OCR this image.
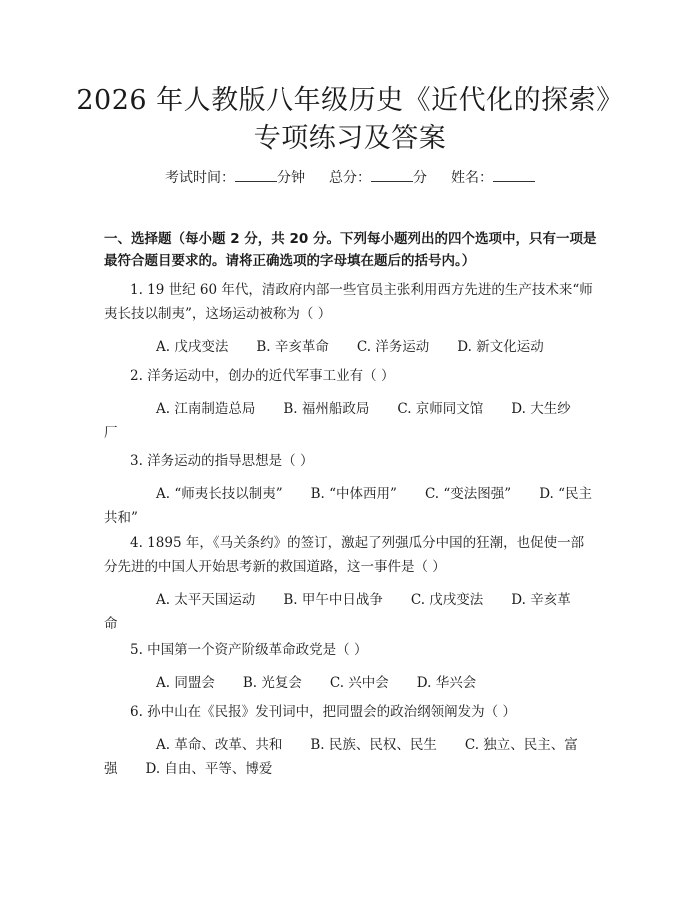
2026 年人教版八年级历史《近代化的探索》
专项练习及答案
考试时间：	分钟 总分：	分 姓名：
一、选择题（每小题 2 分，共 20 分。下列每小题列出的四个选项中，只有一项是最符合题目要求的。请将正确选项的字母填在题后的括号内。）
1. 19 世纪 60 年代，清政府内部一些官员主张利用西方先进的生产技术来“师夷长技以制夷”，这场运动被称为（ ）
A. 戊戌变法 B. 辛亥革命 C. 洋务运动 D. 新文化运动
2. 洋务运动中，创办的近代军事工业有（ ）
A. 江南制造总局 B. 福州船政局 C. 京师同文馆 D. 大生纱厂
3. 洋务运动的指导思想是（ ）
A. “师夷长技以制夷” B. “中体西用” C. “变法图强” D. “民主共和”
4. 1895 年，《马关条约》的签订，激起了列强瓜分中国的狂潮，也促使一部分先进的中国人开始思考新的救国道路，这一事件是（ ）
A. 太平天国运动 B. 甲午中日战争 C. 戊戌变法 D. 辛亥革命
5. 中国第一个资产阶级革命政党是（ ）
A. 同盟会 B. 光复会 C. 兴中会 D. 华兴会
6. 孙中山在《民报》发刊词中，把同盟会的政治纲领阐发为（ ）
A. 革命、改革、共和 B. 民族、民权、民生 C. 独立、民主、富强 D. 自由、平等、博爱
